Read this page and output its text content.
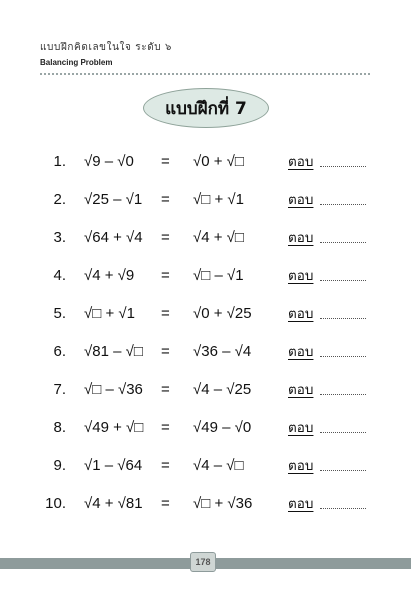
แบบฝึกคิดเลขในใจ ระดับ ๖
Balancing Problem
แบบฝึกที่ 7
1. √9 – √0 = √0 + √□	ตอบ
2. √25 – √1 = √□ + √1	ตอบ
3. √64 + √4 = √4 + √□	ตอบ
4. √4 + √9 = √□ – √1	ตอบ
5. √□ + √1 = √0 + √25	ตอบ
6. √81 – √□ = √36 – √4	ตอบ
7. √□ – √36 = √4 – √25	ตอบ
8. √49 + √□ = √49 – √0	ตอบ
9. √1 – √64 = √4 – √□	ตอบ
10. √4 + √81 = √□ + √36	ตอบ
178
